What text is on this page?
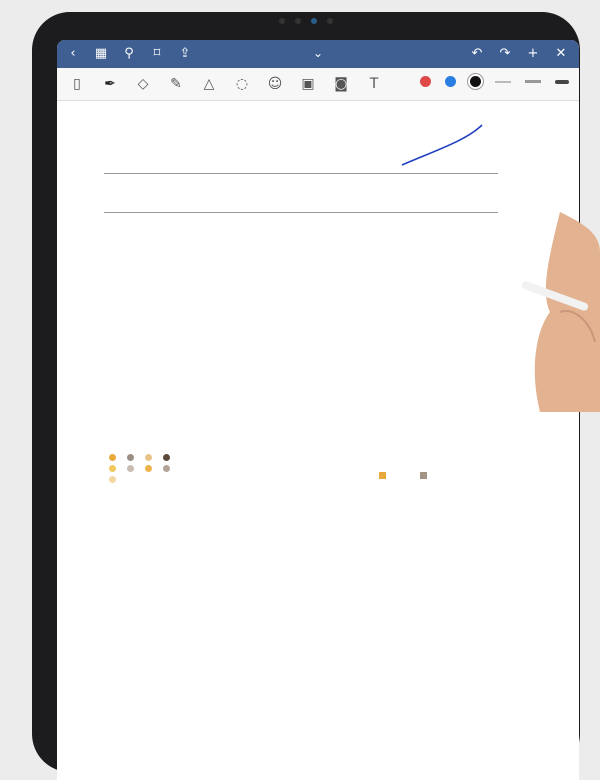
‹	▦ ⚲	⌑	⇪	⌄	↶ ↷ + ✕
▯	✒	◇	✎	△	◌ ☺ ▣ ◙	T
